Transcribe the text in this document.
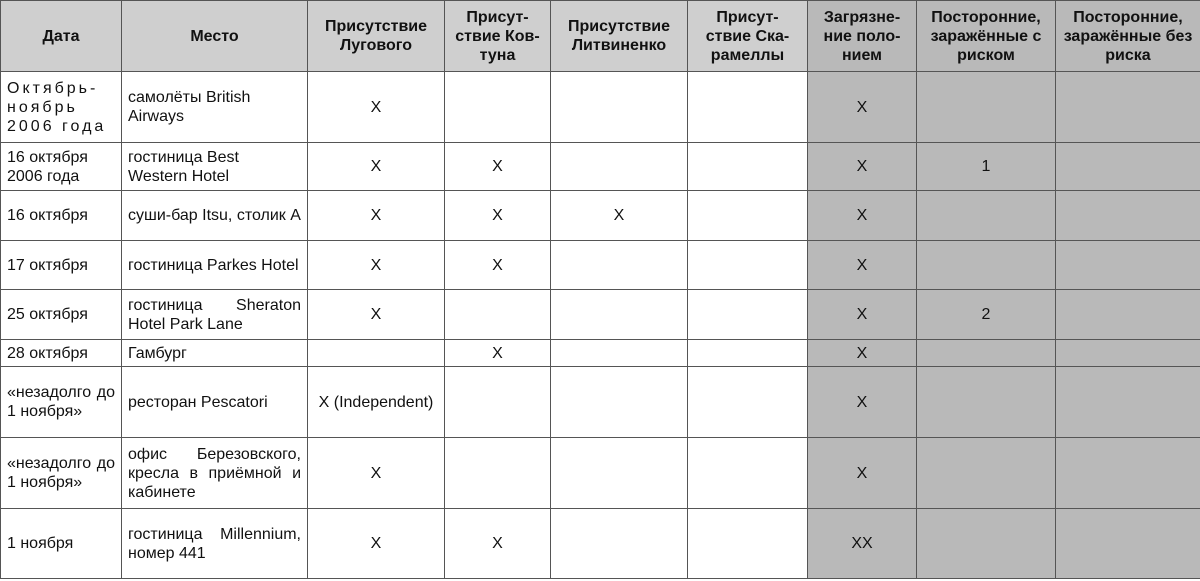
Дата	Место	Присутствие Лугового	Присут-ствие Ков-туна	Присутствие Литвиненко	Присут-ствие Ска-рамеллы	Загрязне-ние поло-нием	Посторонние, заражённые с риском	Посторонние, заражённые без риска
Октябрь-ноябрь 2006 года	самолёты British Airways	X				X		
16 октября 2006 года	гостиница Best Western Hotel	X	X			X	1	
16 октября	суши-бар Itsu, столик А	X	X	X		X		
17 октября	гостиница Parkes Hotel	X	X			X		
25 октября	гостиница Sheraton Hotel Park Lane	X				X	2	
28 октября	Гамбург		X			X		
«незадолго до 1 ноября»	ресторан Pescatori	X (Independent)				X		
«незадолго до 1 ноября»	офис Березовского, кресла в приёмной и кабинете	X				X		
1 ноября	гостиница Millennium, номер 441	X	X			XX		
